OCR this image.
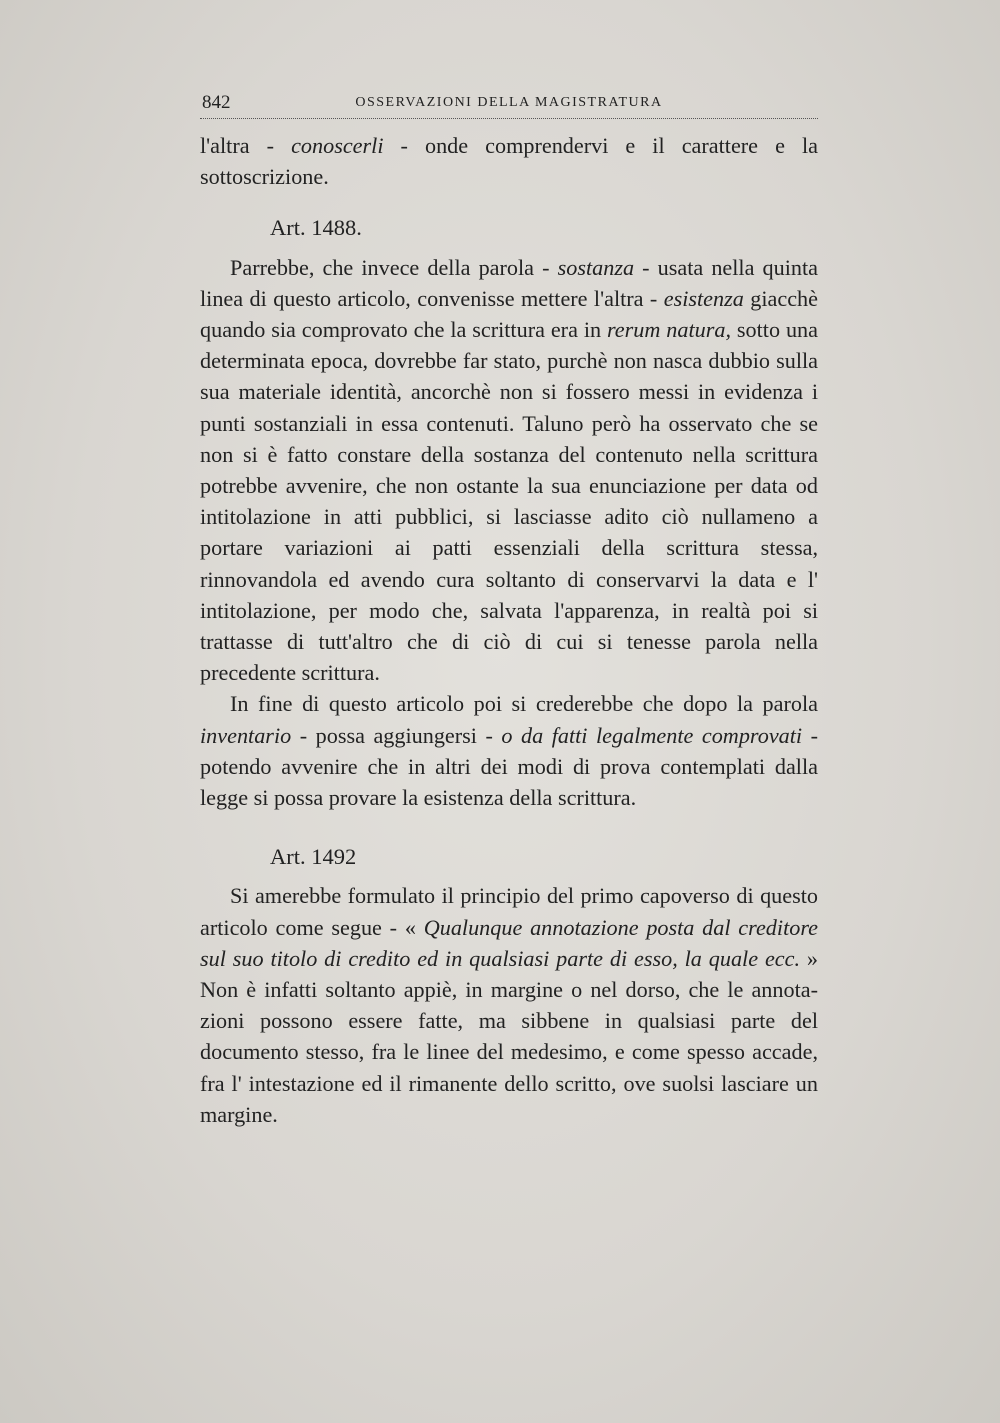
842	OSSERVAZIONI DELLA MAGISTRATURA

l'altra - conoscerli - onde comprendervi e il carattere e la sottoscrizione.

Art. 1488.

Parrebbe, che invece della parola - sostanza - usata nella quinta linea di questo articolo, convenisse mettere l'altra - esistenza giacchè quando sia comprovato che la scrittura era in rerum natura, sotto una determinata epoca, dovrebbe far stato, purchè non nasca dubbio sulla sua materiale identità, ancorchè non si fossero messi in evidenza i punti sostanziali in essa contenuti. Taluno però ha osservato che se non si è fatto constare della sostanza del contenuto nella scrittura potrebbe avvenire, che non ostante la sua enunciazione per data od intitolazione in atti pubblici, si lasciasse adito ciò nullameno a portare variazioni ai patti essenziali della scrittura stessa, rinnovandola ed avendo cura soltanto di conservarvi la data e l' intitolazione, per modo che, salvata l'apparenza, in realtà poi si trattasse di tutt'altro che di ciò di cui si tenesse parola nella precedente scrittura.

In fine di questo articolo poi si crederebbe che dopo la parola inventario - possa aggiungersi - o da fatti legalmente comprovati - potendo avvenire che in altri dei modi di prova contemplati dalla legge si possa provare la esistenza della scrittura.

Art. 1492

Si amerebbe formulato il principio del primo capoverso di questo articolo come segue - « Qualunque annotazione posta dal creditore sul suo titolo di credito ed in qualsiasi parte di esso, la quale ecc. » Non è infatti soltanto appiè, in margine o nel dorso, che le annotazioni possono essere fatte, ma sibbene in qualsiasi parte del documento stesso, fra le linee del medesimo, e come spesso accade, fra l' intestazione ed il rimanente dello scritto, ove suolsi lasciare un margine.
